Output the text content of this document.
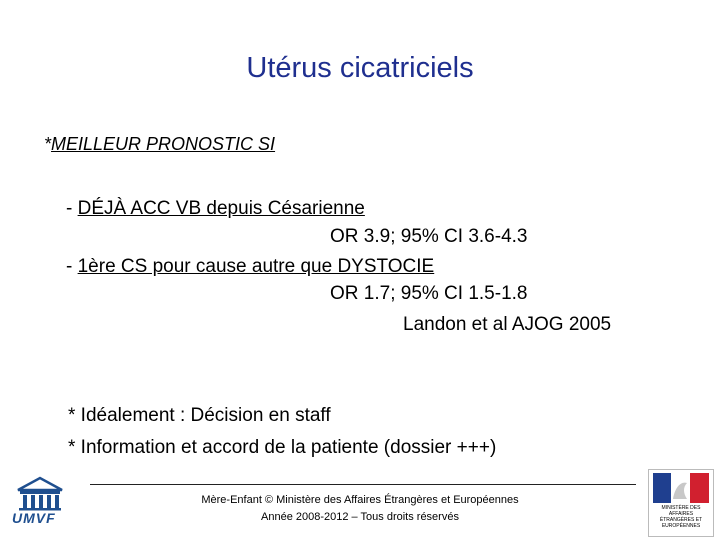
Utérus cicatriciels
*MEILLEUR PRONOSTIC SI
- DÉJÀ ACC VB depuis Césarienne
OR 3.9; 95% CI 3.6-4.3
- 1ère CS pour cause autre que DYSTOCIE
OR 1.7; 95% CI 1.5-1.8
Landon et al AJOG 2005
* Idéalement : Décision en staff
* Information et accord de la patiente (dossier +++)
Mère-Enfant © Ministère des Affaires Étrangères et Européennes
Année 2008-2012 – Tous droits réservés
UMVF
MINISTÈRE DES AFFAIRES ÉTRANGÈRES ET EUROPÉENNES
